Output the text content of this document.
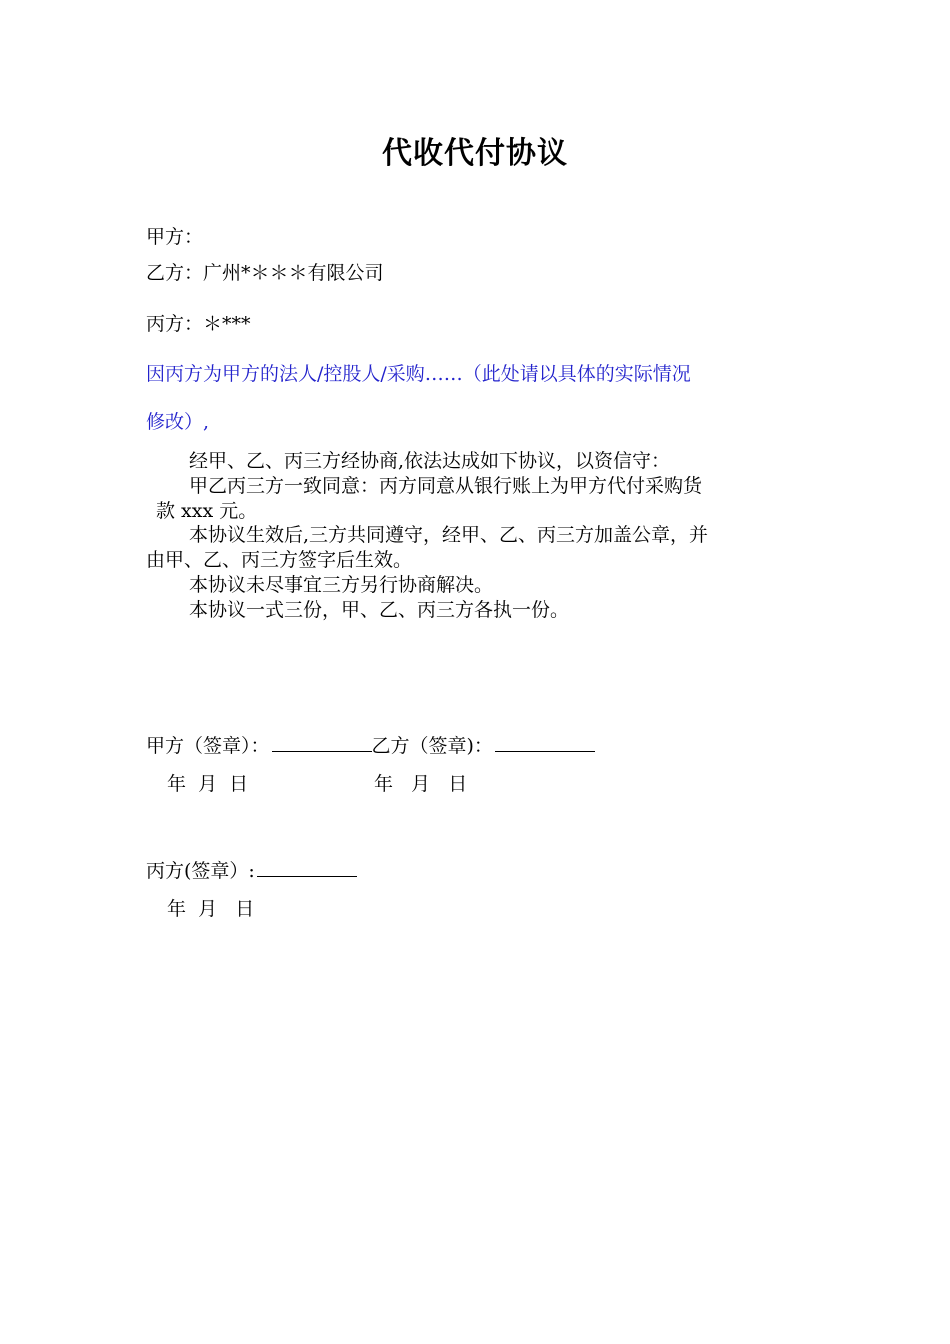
代收代付协议
甲方：
乙方：广州*＊＊＊有限公司
丙方：＊***
因丙方为甲方的法人/控股人/采购……（此处请以具体的实际情况
修改）,
经甲、乙、丙三方经协商,依法达成如下协议，以资信守：
甲乙丙三方一致同意：丙方同意从银行账上为甲方代付采购货
款 xxx 元。
本协议生效后,三方共同遵守，经甲、乙、丙三方加盖公章，并
由甲、乙、丙三方签字后生效。
本协议未尽事宜三方另行协商解决。
本协议一式三份，甲、乙、丙三方各执一份。
甲方（签章）：	乙方（签章)：
年  月  日	年   月   日
丙方(签章）:
年  月   日
